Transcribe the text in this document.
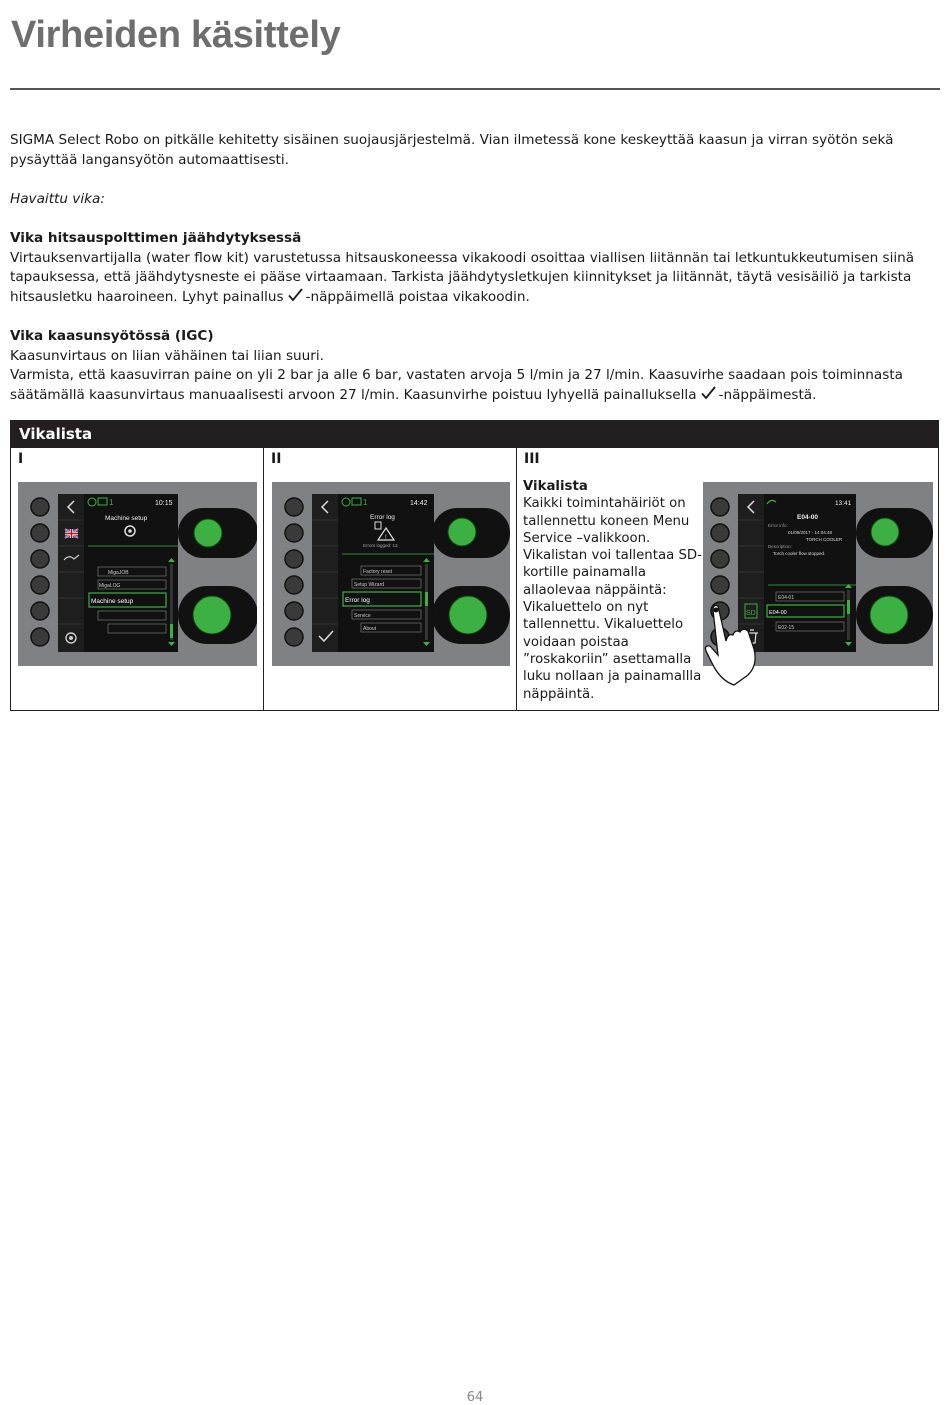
Virheiden käsittely

SIGMA Select Robo on pitkälle kehitetty sisäinen suojausjärjestelmä. Vian ilmetessä kone keskeyttää kaasun ja virran syötön sekä pysäyttää langansyötön automaattisesti.

Havaittu vika:

Vika hitsauspolttimen jäähdytyksessä

Virtauksenvartijalla (water flow kit) varustetussa hitsauskoneessa vikakoodi osoittaa viallisen liitännän tai letkuntukkeutumisen siinä tapauksessa, että jäähdytysneste ei pääse virtaamaan. Tarkista jäähdytysletkujen kiinnitykset ja liitännät, täytä vesisäiliö ja tarkista hitsausletku haaroineen. Lyhyt painallus -näppäimellä poistaa vikakoodin.

Vika kaasunsyötössä (IGC)

Kaasunvirtaus on liian vähäinen tai liian suuri.

Varmista, että kaasuvirran paine on yli 2 bar ja alle 6 bar, vastaten arvoja 5 l/min ja 27 l/min. Kaasuvirhe saadaan pois toiminnasta säätämällä kaasunvirtaus manuaalisesti arvoon 27 l/min. Kaasunvirhe poistuu lyhyellä painalluksella -näppäimestä.

Vikalista
I
1	10:15
Machine setup
MigaJOB
MigaLOG
Machine setup
II
1	14:42
Error log
!
Errors logged: 13
Factory reset
Setup Wizard
Error log
Service
About
III
Vikalista
Kaikki toimintahäiriöt on tallennettu koneen Menu Service –valikkoon. Vikalistan voi tallentaa SD-kortille painamalla allaolevaa näppäintä: Vikaluettelo on nyt tallennettu. Vikaluettelo voidaan poistaa ”roskakoriin” asettamalla luku nollaan ja painamallla näppäintä.
SD
13:41
E04-00
Error info:
01/09/2017 - 14:04:48
TORCH COOLER
Description:
Torch cooler flow stopped.
E04-01
E04-00
E02-15
64
